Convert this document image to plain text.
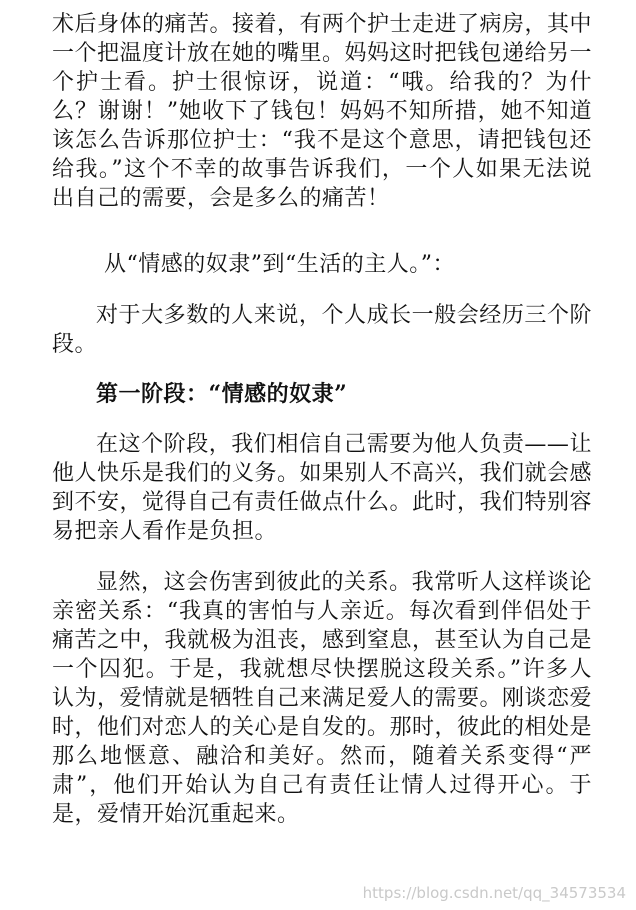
术后身体的痛苦。接着，有两个护士走进了病房，其中一个把温度计放在她的嘴里。妈妈这时把钱包递给另一个护士看。护士很惊讶，说道：“哦。给我的？为什么？谢谢！”她收下了钱包！妈妈不知所措，她不知道该怎么告诉那位护士：“我不是这个意思，请把钱包还给我。”这个不幸的故事告诉我们，一个人如果无法说出自己的需要，会是多么的痛苦！

从“情感的奴隶”到“生活的主人。”：

对于大多数的人来说，个人成长一般会经历三个阶段。

第一阶段：“情感的奴隶”

在这个阶段，我们相信自己需要为他人负责——让他人快乐是我们的义务。如果别人不高兴，我们就会感到不安，觉得自己有责任做点什么。此时，我们特别容易把亲人看作是负担。

显然，这会伤害到彼此的关系。我常听人这样谈论亲密关系：“我真的害怕与人亲近。每次看到伴侣处于痛苦之中，我就极为沮丧，感到窒息，甚至认为自己是一个囚犯。于是，我就想尽快摆脱这段关系。”许多人认为，爱情就是牺牲自己来满足爱人的需要。刚谈恋爱时，他们对恋人的关心是自发的。那时，彼此的相处是那么地惬意、融洽和美好。然而，随着关系变得“严肃”，他们开始认为自己有责任让情人过得开心。于是，爱情开始沉重起来。

https://blog.csdn.net/qq_34573534
